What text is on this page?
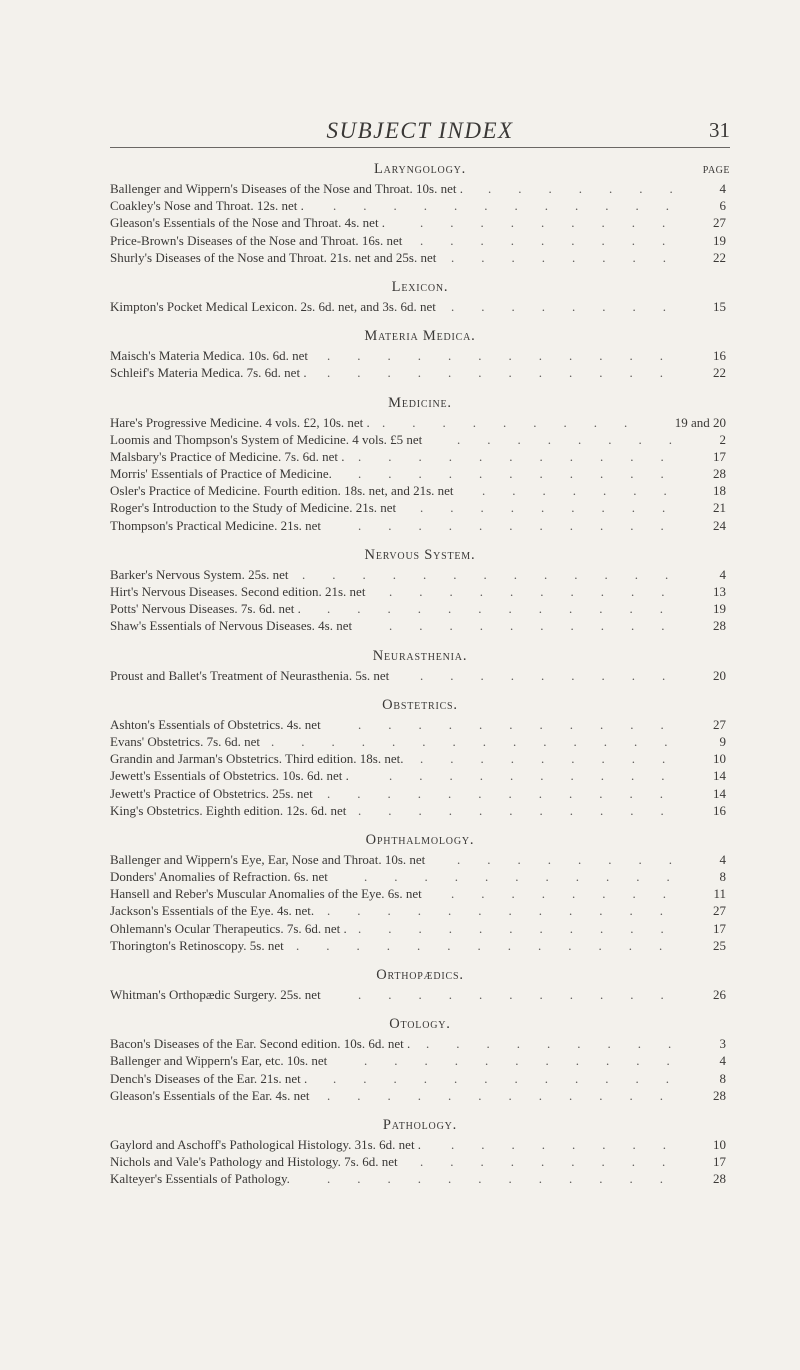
SUBJECT INDEX	31
Laryngology.	PAGE
Ballenger and Wippern's Diseases of the Nose and Throat. 10s. net . ....... 4
Coakley's Nose and Throat. 12s. net . ............ 6
Gleason's Essentials of the Nose and Throat. 4s. net .	......... 27
Price-Brown's Diseases of the Nose and Throat. 16s. net ......... 19
Shurly's Diseases of the Nose and Throat. 21s. net and 25s. net ........ 22
Lexicon.
Kimpton's Pocket Medical Lexicon. 2s. 6d. net, and 3s. 6d. net ........ 15
Materia Medica.
Maisch's Materia Medica. 10s. 6d. net ............ 16
Schleif's Materia Medica. 7s. 6d. net . ............ 22
Medicine.
Hare's Progressive Medicine. 4 vols. £2, 10s. net . ......... 19 and 20
Loomis and Thompson's System of Medicine. 4 vols. £5 net	........ 2
Malsbary's Practice of Medicine. 7s. 6d. net . ........... 17
Morris' Essentials of Practice of Medicine. ........... 28
Osler's Practice of Medicine. Fourth edition. 18s. net, and 21s. net ....... 18
Roger's Introduction to the Study of Medicine. 21s. net ......... 21
Thompson's Practical Medicine. 21s. net	........... 24
Nervous System.
Barker's Nervous System. 25s. net ............. 4
Hirt's Nervous Diseases. Second edition. 21s. net .......... 13
Potts' Nervous Diseases. 7s. 6d. net . ............ 19
Shaw's Essentials of Nervous Diseases. 4s. net	.......... 28
Neurasthenia.
Proust and Ballet's Treatment of Neurasthenia. 5s. net ......... 20
Obstetrics.
Ashton's Essentials of Obstetrics. 4s. net	........... 27
Evans' Obstetrics. 7s. 6d. net .............. 9
Grandin and Jarman's Obstetrics. Third edition. 18s. net. ......... 10
Jewett's Essentials of Obstetrics. 10s. 6d. net .	.......... 14
Jewett's Practice of Obstetrics. 25s. net ............ 14
King's Obstetrics. Eighth edition. 12s. 6d. net ........... 16
Ophthalmology.
Ballenger and Wippern's Eye, Ear, Nose and Throat. 10s. net ........ 4
Donders' Anomalies of Refraction. 6s. net	........... 8
Hansell and Reber's Muscular Anomalies of the Eye. 6s. net ........ 11
Jackson's Essentials of the Eye. 4s. net. ............ 27
Ohlemann's Ocular Therapeutics. 7s. 6d. net . ........... 17
Thorington's Retinoscopy. 5s. net ............. 25
Orthopædics.
Whitman's Orthopædic Surgery. 25s. net	........... 26
Otology.
Bacon's Diseases of the Ear. Second edition. 10s. 6d. net . ......... 3
Ballenger and Wippern's Ear, etc. 10s. net	........... 4
Dench's Diseases of the Ear. 21s. net . ............ 8
Gleason's Essentials of the Ear. 4s. net ............ 28
Pathology.
Gaylord and Aschoff's Pathological Histology. 31s. 6d. net . ........ 10
Nichols and Vale's Pathology and Histology. 7s. 6d. net ......... 17
Kalteyer's Essentials of Pathology.	............ 28
